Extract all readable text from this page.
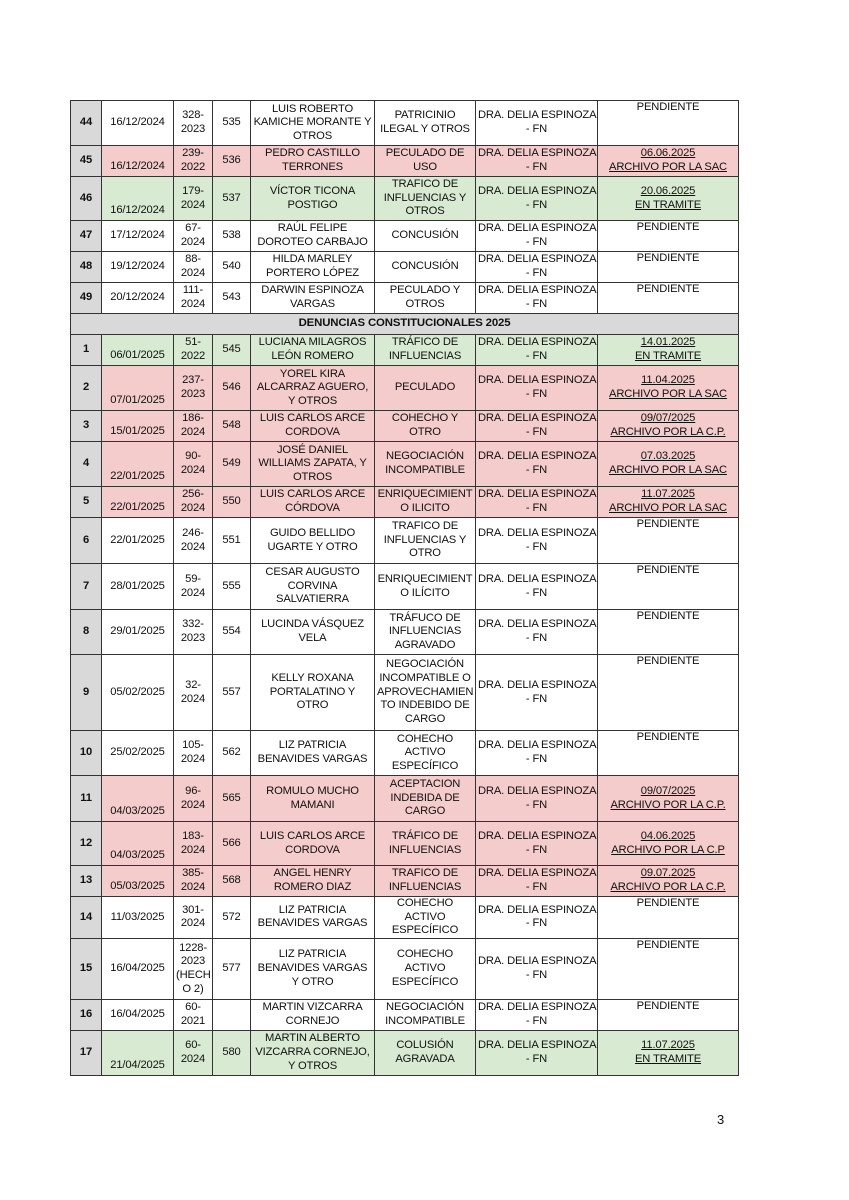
44	16/12/2024	328-
2023	535	LUIS ROBERTO
KAMICHE MORANTE Y
OTROS	PATRICINIO
ILEGAL Y OTROS	DRA. DELIA ESPINOZA
- FN	PENDIENTE

45	16/12/2024	239-
2022	536	PEDRO CASTILLO
TERRONES	PECULADO DE
USO	DRA. DELIA ESPINOZA
- FN	06.06.2025
ARCHIVO POR LA SAC

46	16/12/2024	179-
2024	537	VÍCTOR TICONA
POSTIGO	TRAFICO DE
INFLUENCIAS Y
OTROS	DRA. DELIA ESPINOZA
- FN	20.06.2025
EN TRAMITE

47	17/12/2024	67-
2024	538	RAÚL FELIPE
DOROTEO CARBAJO	CONCUSIÓN	DRA. DELIA ESPINOZA
- FN	PENDIENTE

48	19/12/2024	88-
2024	540	HILDA MARLEY
PORTERO LÓPEZ	CONCUSIÓN	DRA. DELIA ESPINOZA
- FN	PENDIENTE

49	20/12/2024	111-
2024	543	DARWIN ESPINOZA
VARGAS	PECULADO Y
OTROS	DRA. DELIA ESPINOZA
- FN	PENDIENTE

DENUNCIAS CONSTITUCIONALES 2025							
1	06/01/2025	51-
2022	545	LUCIANA MILAGROS
LEÓN ROMERO	TRÁFICO DE
INFLUENCIAS	DRA. DELIA ESPINOZA
- FN	14.01.2025
EN TRAMITE

2	07/01/2025	237-
2023	546	YOREL KIRA
ALCARRAZ AGUERO,
Y OTROS	PECULADO	DRA. DELIA ESPINOZA
- FN	11.04.2025
ARCHIVO POR LA SAC

3	15/01/2025	186-
2024	548	LUIS CARLOS ARCE
CORDOVA	COHECHO Y
OTRO	DRA. DELIA ESPINOZA
- FN	09/07/2025
ARCHIVO POR LA C.P.

4	22/01/2025	90-
2024	549	JOSÉ DANIEL
WILLIAMS ZAPATA, Y
OTROS	NEGOCIACIÓN
INCOMPATIBLE	DRA. DELIA ESPINOZA
- FN	07.03.2025
ARCHIVO POR LA SAC

5	22/01/2025	256-
2024	550	LUIS CARLOS ARCE
CÓRDOVA	ENRIQUECIMIENT
O ILICITO	DRA. DELIA ESPINOZA
- FN	11.07.2025
ARCHIVO POR LA SAC

6	22/01/2025	246-
2024	551	GUIDO BELLIDO
UGARTE Y OTRO	TRAFICO DE
INFLUENCIAS Y
OTRO	DRA. DELIA ESPINOZA
- FN	PENDIENTE

7	28/01/2025	59-
2024	555	CESAR AUGUSTO
CORVINA
SALVATIERRA	ENRIQUECIMIENT
O ILÍCITO	DRA. DELIA ESPINOZA
- FN	PENDIENTE

8	29/01/2025	332-
2023	554	LUCINDA VÁSQUEZ
VELA	TRÁFUCO DE
INFLUENCIAS
AGRAVADO	DRA. DELIA ESPINOZA
- FN	PENDIENTE

9	05/02/2025	32-
2024	557	KELLY ROXANA
PORTALATINO Y
OTRO	NEGOCIACIÓN
INCOMPATIBLE O
APROVECHAMIEN
TO INDEBIDO DE
CARGO	DRA. DELIA ESPINOZA
- FN	PENDIENTE

10	25/02/2025	105-
2024	562	LIZ PATRICIA
BENAVIDES VARGAS	COHECHO
ACTIVO
ESPECÍFICO	DRA. DELIA ESPINOZA
- FN	PENDIENTE

11	04/03/2025	96-
2024	565	ROMULO MUCHO
MAMANI	ACEPTACION
INDEBIDA DE
CARGO	DRA. DELIA ESPINOZA
- FN	09/07/2025
ARCHIVO POR LA C.P.

12	04/03/2025	183-
2024	566	LUIS CARLOS ARCE
CORDOVA	TRÁFICO DE
INFLUENCIAS	DRA. DELIA ESPINOZA
- FN	04.06.2025
ARCHIVO POR LA C.P

13	05/03/2025	385-
2024	568	ANGEL HENRY
ROMERO DIAZ	TRAFICO DE
INFLUENCIAS	DRA. DELIA ESPINOZA
- FN	09.07.2025
ARCHIVO POR LA C.P.

14	11/03/2025	301-
2024	572	LIZ PATRICIA
BENAVIDES VARGAS	COHECHO
ACTIVO
ESPECÍFICO	DRA. DELIA ESPINOZA
- FN	PENDIENTE

15	16/04/2025	1228-
2023
(HECH
O 2)	577	LIZ PATRICIA
BENAVIDES VARGAS
Y OTRO	COHECHO
ACTIVO
ESPECÍFICO	DRA. DELIA ESPINOZA
- FN	PENDIENTE

16	16/04/2025	60-
2021		MARTIN VIZCARRA
CORNEJO	NEGOCIACIÓN
INCOMPATIBLE	DRA. DELIA ESPINOZA
- FN	PENDIENTE

17	21/04/2025	60-
2024	580	MARTIN ALBERTO
VIZCARRA CORNEJO,
Y OTROS	COLUSIÓN
AGRAVADA	DRA. DELIA ESPINOZA
- FN	11.07.2025
EN TRAMITE
3
